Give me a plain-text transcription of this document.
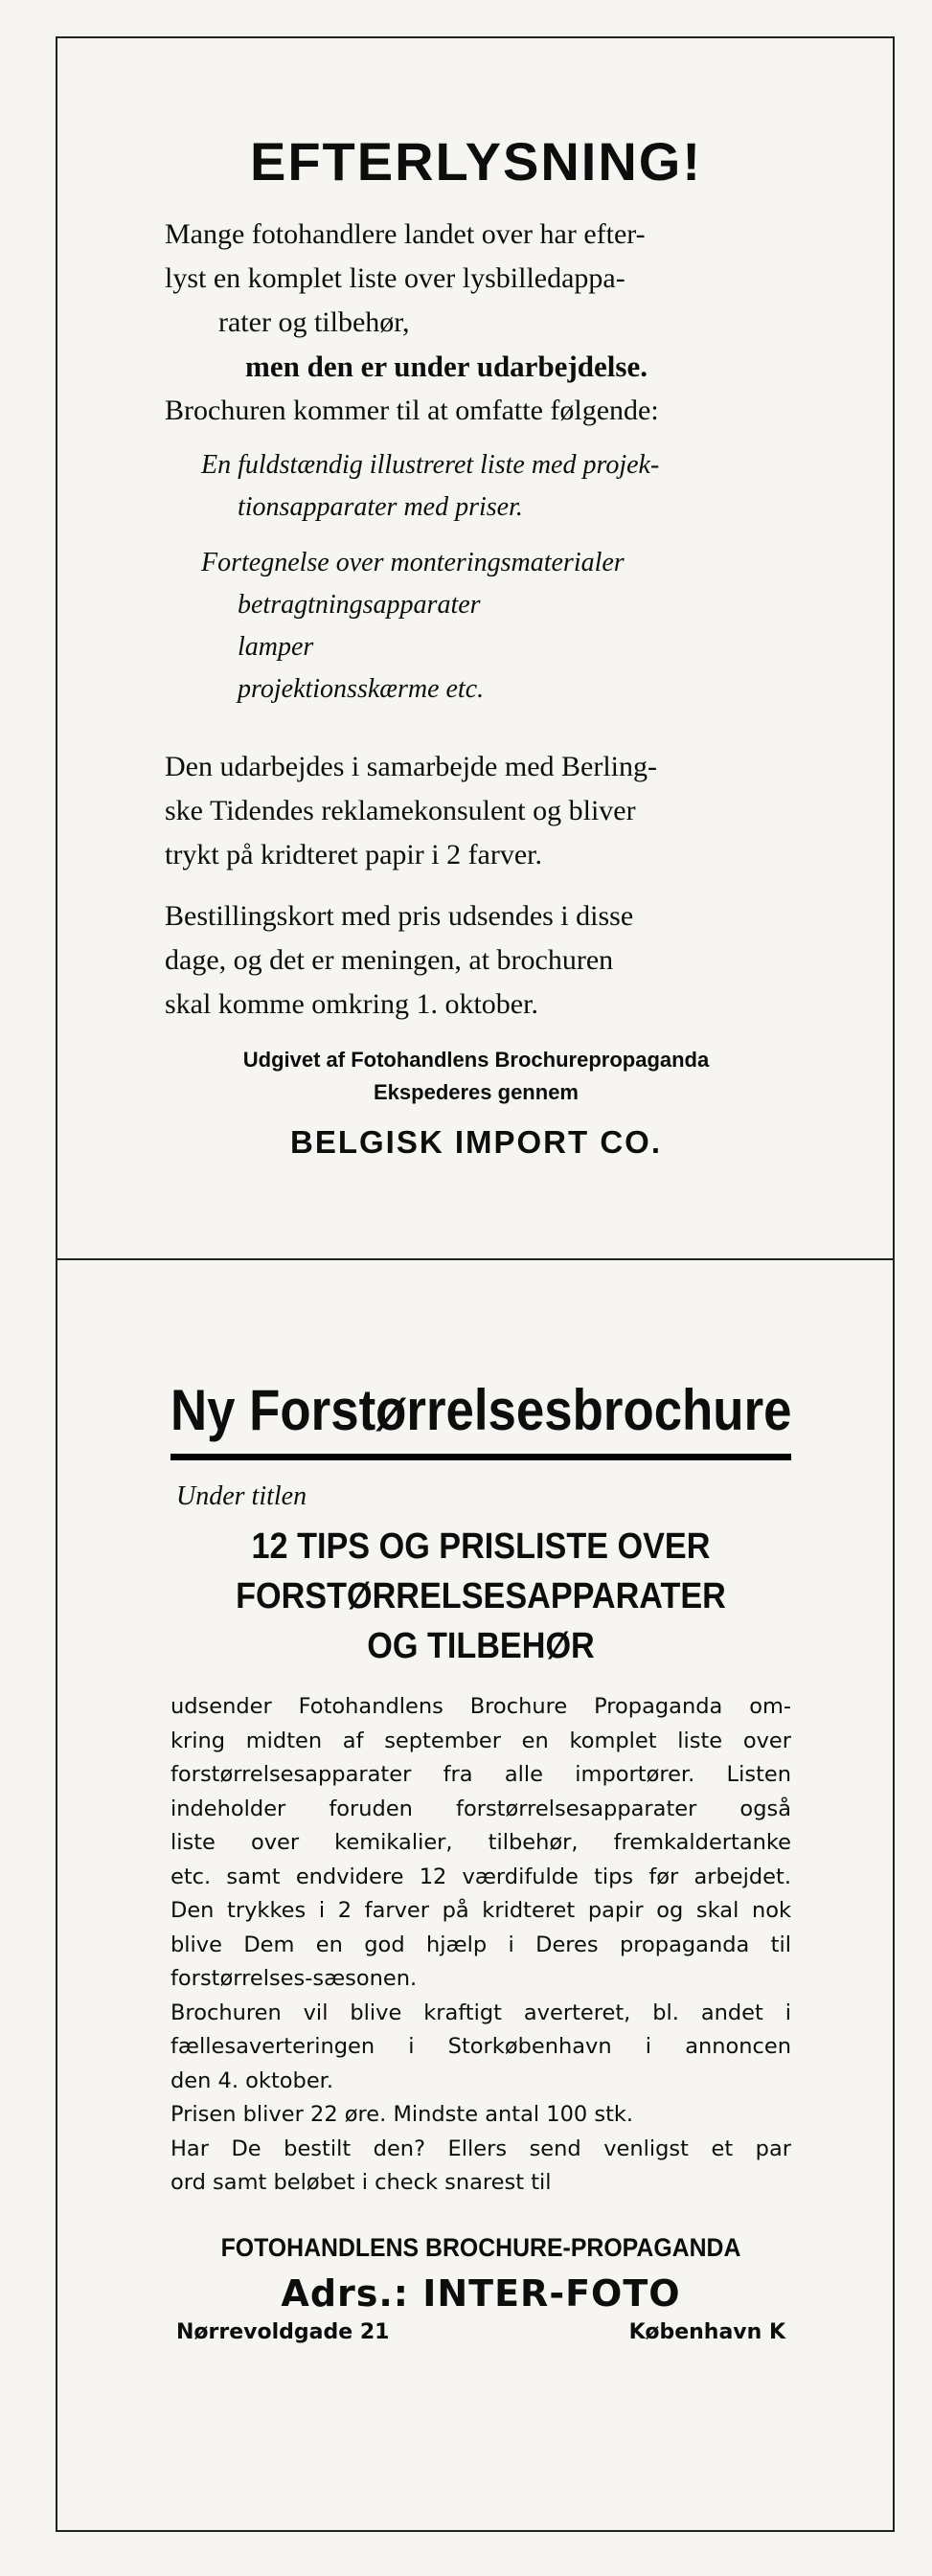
EFTERLYSNING!

Mange fotohandlere landet over har efter-

lyst en komplet liste over lysbilledappa-

rater og tilbehør,

men den er under udarbejdelse.

Brochuren kommer til at omfatte følgende:

En fuldstændig illustreret liste med projek-

tionsapparater med priser.

Fortegnelse over monteringsmaterialer

betragtningsapparater

lamper

projektionsskærme etc.

Den udarbejdes i samarbejde med Berling-

ske Tidendes reklamekonsulent og bliver

trykt på kridteret papir i 2 farver.

Bestillingskort med pris udsendes i disse

dage, og det er meningen, at brochuren

skal komme omkring 1. oktober.

Udgivet af Fotohandlens Brochurepropaganda

Ekspederes gennem

BELGISK IMPORT CO.

Ny Forstørrelsesbrochure

Under titlen

12 TIPS OG PRISLISTE OVER
FORSTØRRELSESAPPARATER
OG TILBEHØR
udsender Fotohandlens Brochure Propaganda om-
kring midten af september en komplet liste over
forstørrelsesapparater fra alle importører. Listen
indeholder foruden forstørrelsesapparater også
liste over kemikalier, tilbehør, fremkaldertanke
etc. samt endvidere 12 værdifulde tips før arbejdet.
Den trykkes i 2 farver på kridteret papir og skal nok
blive Dem en god hjælp i Deres propaganda til
forstørrelses-sæsonen.
Brochuren vil blive kraftigt averteret, bl. andet i
fællesaverteringen i Storkøbenhavn i annoncen
den 4. oktober.
Prisen bliver 22 øre. Mindste antal 100 stk.
Har De bestilt den? Ellers send venligst et par
ord samt beløbet i check snarest til

FOTOHANDLENS BROCHURE-PROPAGANDA

Adrs.: INTER-FOTO

Nørrevoldgade 21	København K
